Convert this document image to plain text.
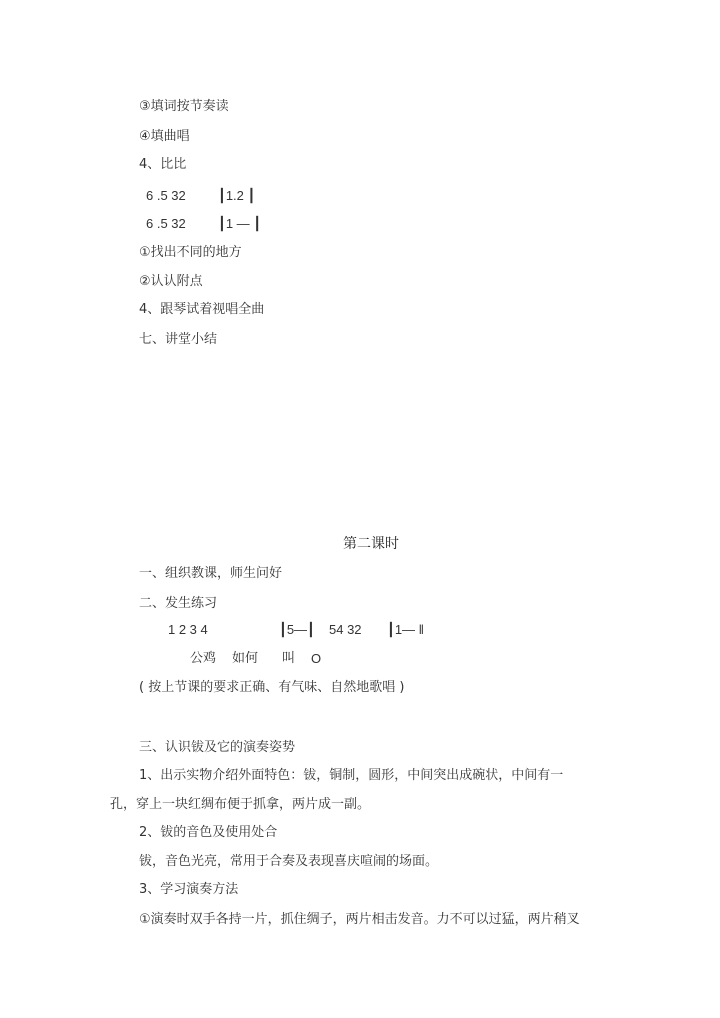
③填词按节奏读
④填曲唱
4、比比
6 .5 32 ┃1.2 ┃
6 .5 32 ┃1 — ┃
①找出不同的地方
②认认附点
4、跟琴试着视唱全曲
七、讲堂小结
第二课时
一、组织教课，师生问好
二、发生练习
1 2 3 4	┃5—┃ 54 32 ┃1— ‖
公鸡 如何 叫 O
( 按上节课的要求正确、有气味、自然地歌唱 )
三、认识钹及它的演奏姿势
1、出示实物介绍外面特色：钹，铜制，圆形，中间突出成碗状，中间有一
孔，穿上一块红绸布便于抓拿，两片成一副。
2、钹的音色及使用处合
钹，音色光亮，常用于合奏及表现喜庆喧闹的场面。
3、学习演奏方法
①演奏时双手各持一片，抓住绸子，两片相击发音。力不可以过猛，两片稍叉
